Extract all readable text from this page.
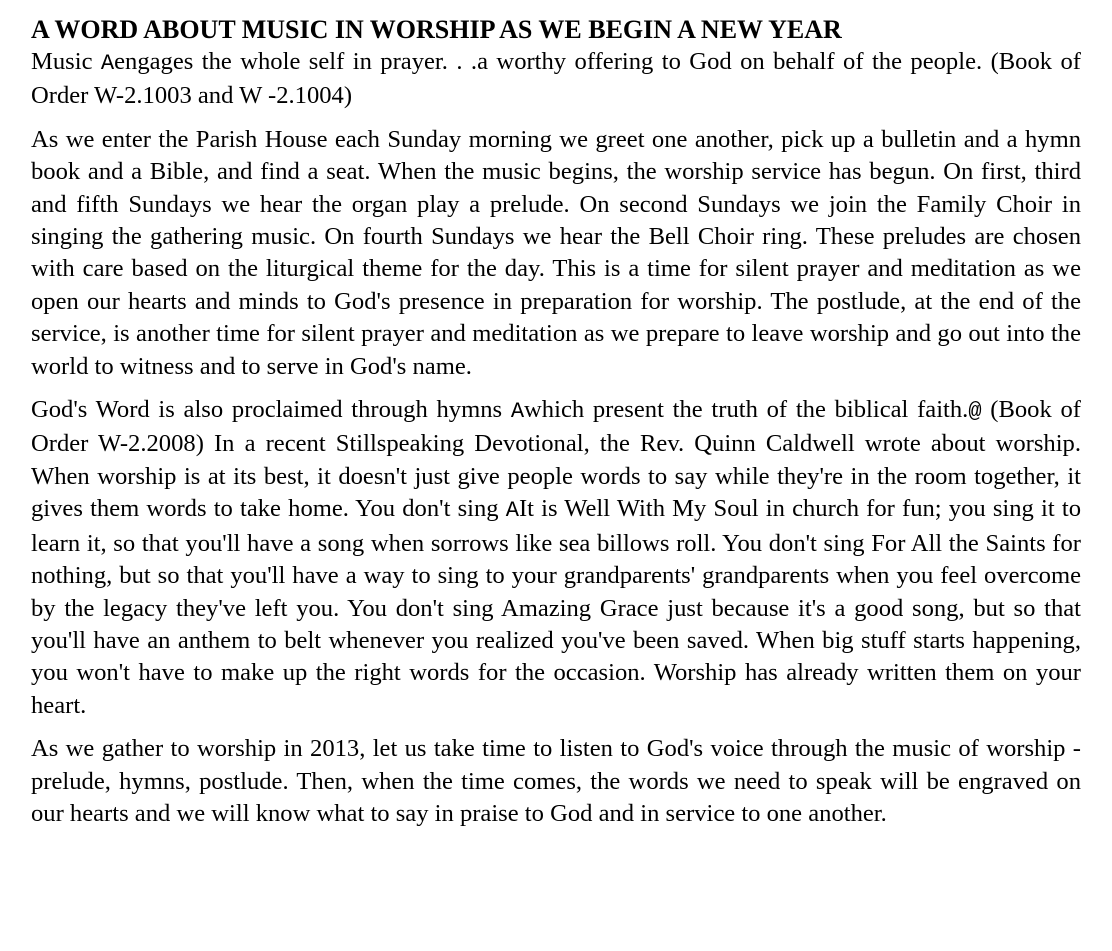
A WORD ABOUT MUSIC IN WORSHIP AS WE BEGIN A NEW YEAR

Music Aengages the whole self in prayer. . .a worthy offering to God on behalf of the people. (Book of Order W-2.1003 and W -2.1004)

As we enter the Parish House each Sunday morning we greet one another, pick up a bulletin and a hymn book and a Bible, and find a seat. When the music begins, the worship service has begun. On first, third and fifth Sundays we hear the organ play a prelude. On second Sundays we join the Family Choir in singing the gathering music. On fourth Sundays we hear the Bell Choir ring. These preludes are chosen with care based on the liturgical theme for the day. This is a time for silent prayer and meditation as we open our hearts and minds to God's presence in preparation for worship. The postlude, at the end of the service, is another time for silent prayer and meditation as we prepare to leave worship and go out into the world to witness and to serve in God's name.

God's Word is also proclaimed through hymns Awhich present the truth of the biblical faith.@ (Book of Order W-2.2008) In a recent Stillspeaking Devotional, the Rev. Quinn Caldwell wrote about worship. When worship is at its best, it doesn't just give people words to say while they're in the room together, it gives them words to take home. You don't sing AIt is Well With My Soul in church for fun; you sing it to learn it, so that you'll have a song when sorrows like sea billows roll. You don't sing For All the Saints for nothing, but so that you'll have a way to sing to your grandparents' grandparents when you feel overcome by the legacy they've left you. You don't sing Amazing Grace just because it's a good song, but so that you'll have an anthem to belt whenever you realized you've been saved. When big stuff starts happening, you won't have to make up the right words for the occasion. Worship has already written them on your heart.

As we gather to worship in 2013, let us take time to listen to God's voice through the music of worship - prelude, hymns, postlude. Then, when the time comes, the words we need to speak will be engraved on our hearts and we will know what to say in praise to God and in service to one another.
